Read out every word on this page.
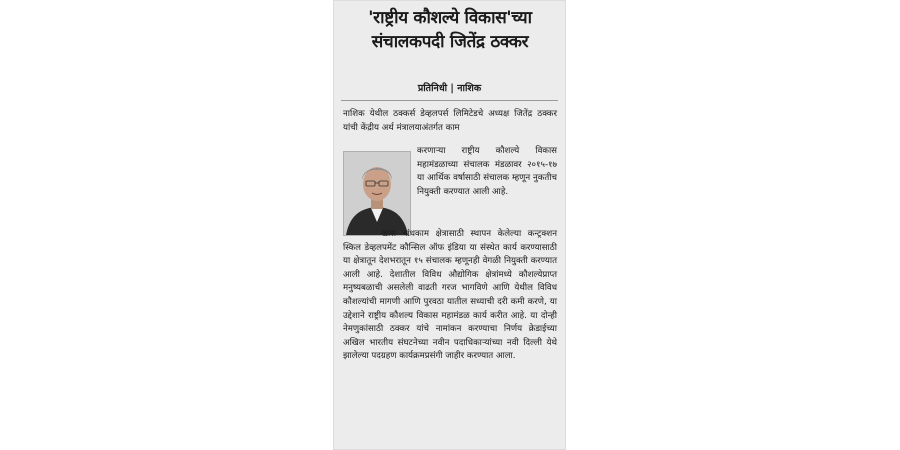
'राष्ट्रीय कौशल्ये विकास'च्या
संचालकपदी जितेंद्र ठक्कर
प्रतिनिधी | नाशिक
नाशिक येथील ठक्कर्स डेव्हलपर्स लिमिटेडचे अध्यक्ष जितेंद्र ठक्कर यांची केंद्रीय अर्थ मंत्रालयाअंतर्गत काम
करणाऱ्या राष्ट्रीय कौशल्ये विकास महामंडळाच्या संचालक मंडळावर २०१५-१७ या आर्थिक वर्षासाठी संचालक म्हणून नुकतीच नियुक्ती करण्यात आली आहे.
खास बांधकाम क्षेत्रासाठी स्थापन केलेल्या कन्ट्रक्शन स्किल डेव्हलपमेंट कौन्सिल ऑफ इंडिया या संस्थेत कार्य करण्यासाठी या क्षेत्रातून देशभरातून १५ संचालक म्हणूनही वेगळी नियुक्ती करण्यात आली आहे. देशातील विविध औद्योगिक क्षेत्रांमध्ये कौशल्येप्राप्त मनुष्यबळाची असलेली वाढती गरज भागविणे आणि येथील विविध कौशल्यांची मागणी आणि पुरवठा यातील सध्याची दरी कमी करणे, या उद्देशाने राष्ट्रीय कौशल्य विकास महामंडळ कार्य करीत आहे. या दोन्ही नेमणुकांसाठी ठक्कर यांचे नामांकन करण्याचा निर्णय क्रेडाईच्या अखिल भारतीय संघटनेच्या नवीन पदाधिकाऱ्यांच्या नवी दिल्ली येथे झालेल्या पदग्रहण कार्यक्रमप्रसंगी जाहीर करण्यात आला.
